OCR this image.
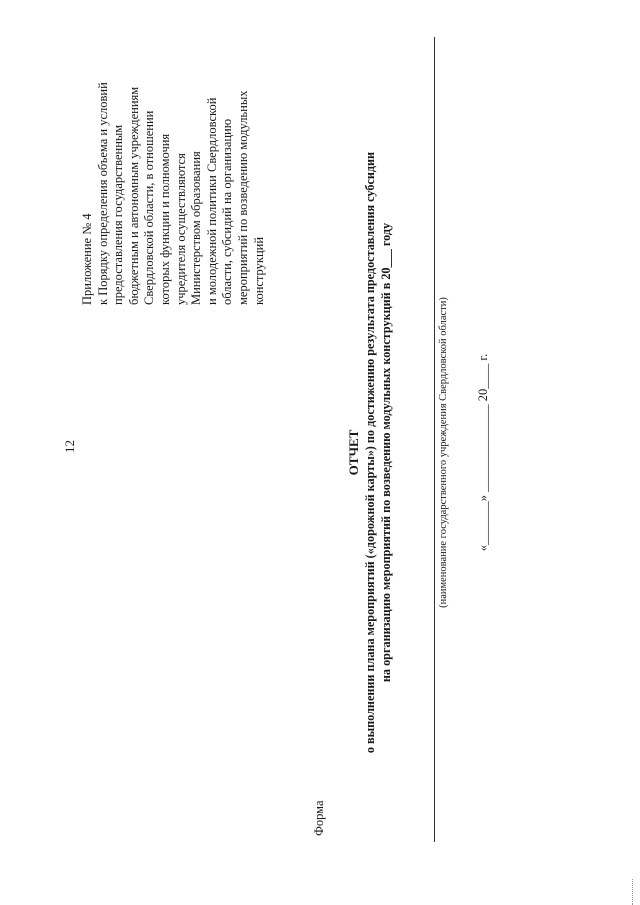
12
Приложение № 4 к Порядку определения объема и условий предоставления государственным бюджетным и автономным учреждениям Свердловской области, в отношении которых функции и полномочия учредителя осуществляются Министерством образования и молодежной политики Свердловской области, субсидий на организацию мероприятий по возведению модульных конструкций
Форма
ОТЧЕТ о выполнении плана мероприятий («дорожной карты») по достижению результата предоставления субсидии на организацию мероприятий по возведению модульных конструкций в 20___ году	(наименование государственного учреждения Свердловской области) «_______» ______________ 20____ г.
